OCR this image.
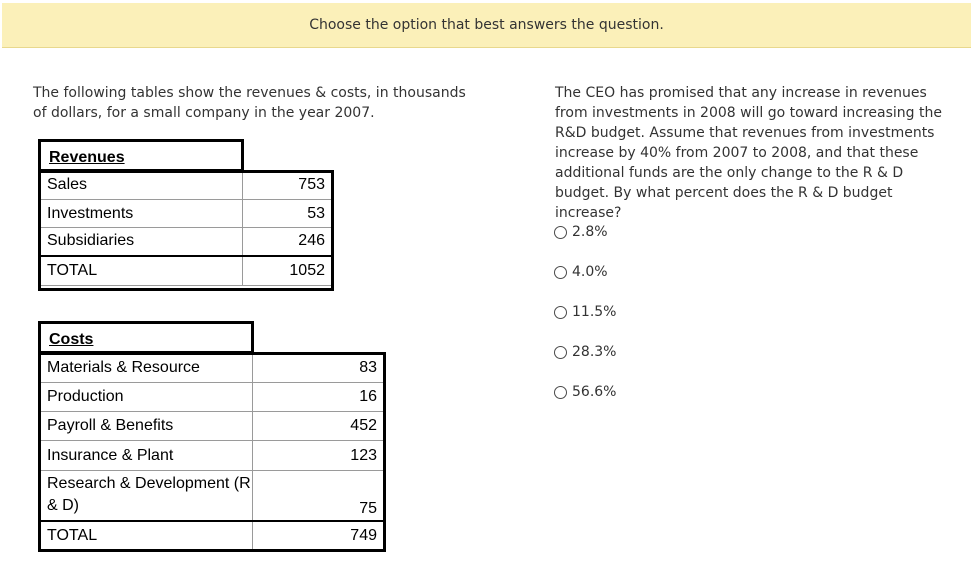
Choose the option that best answers the question.

The following tables show the revenues & costs, in thousands of dollars, for a small company in the year 2007.

Revenues
Sales	753
Investments	53
Subsidiaries	246
TOTAL	1052
Costs
Materials & Resource	83
Production	16
Payroll & Benefits	452
Insurance & Plant	123
Research & Development (R & D)	75
TOTAL	749

The CEO has promised that any increase in revenues from investments in 2008 will go toward increasing the R&D budget. Assume that revenues from investments increase by 40% from 2007 to 2008, and that these additional funds are the only change to the R & D budget. By what percent does the R & D budget increase?

2.8%
4.0%
11.5%
28.3%
56.6%
